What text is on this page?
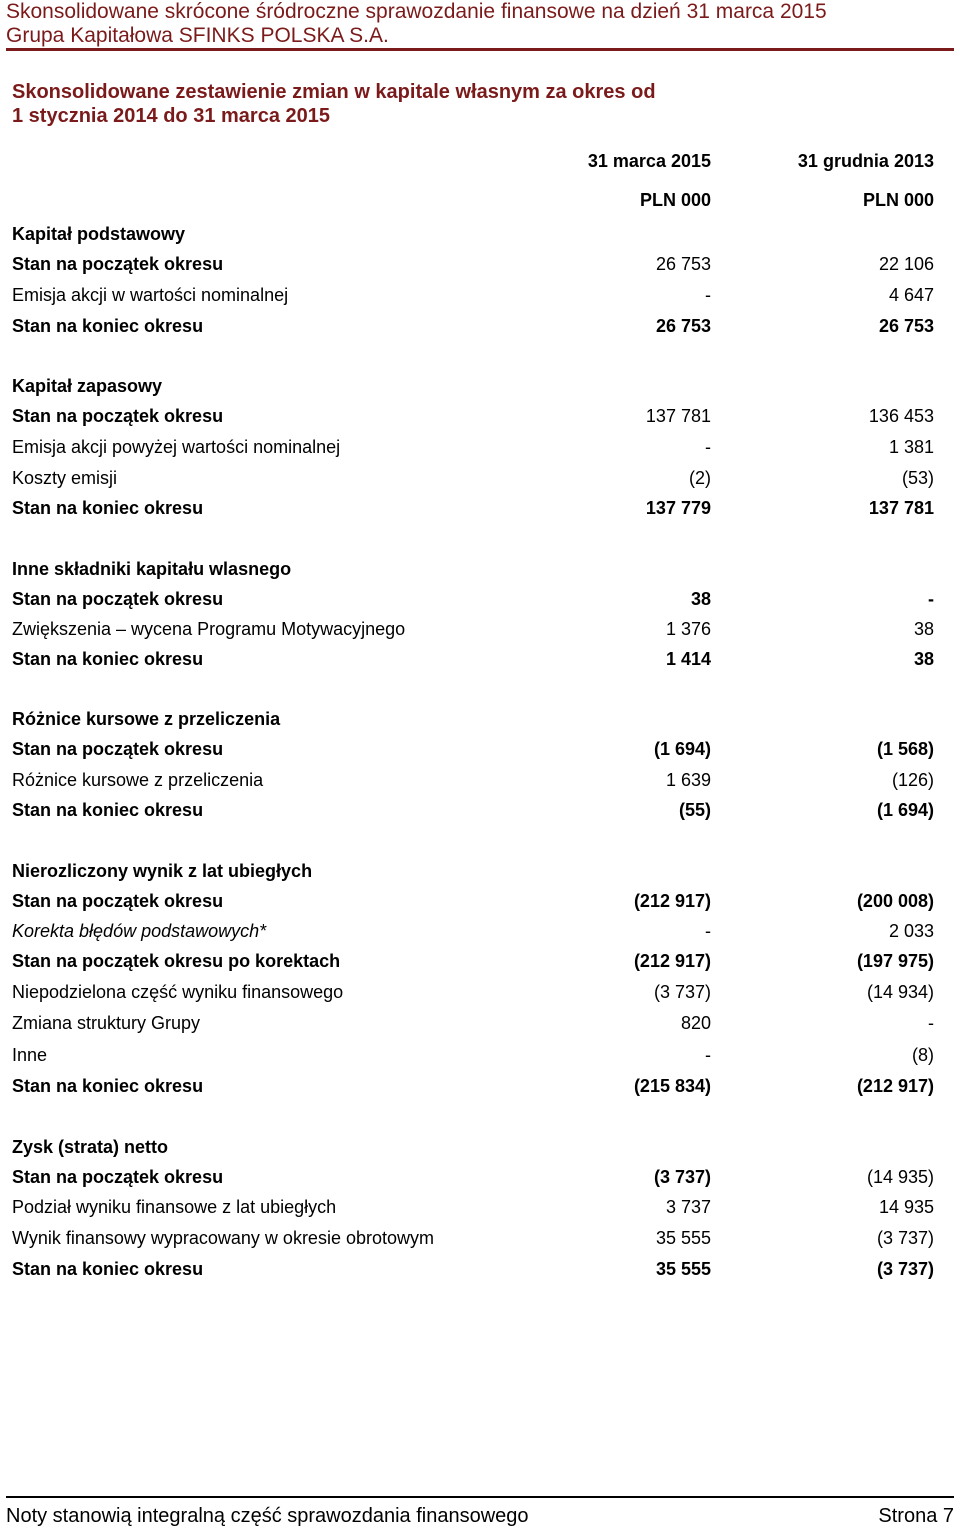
Skonsolidowane skrócone śródroczne sprawozdanie finansowe na dzień 31 marca 2015
Grupa Kapitałowa SFINKS POLSKA S.A.
Skonsolidowane zestawienie zmian w kapitale własnym za okres od
1 stycznia 2014 do 31 marca 2015
31 marca 2015	31 grudnia 2013
PLN 000	PLN 000
Kapitał podstawowy
Stan na początek okresu	26 753	22 106
Emisja akcji w wartości nominalnej	-	4 647
Stan na koniec okresu	26 753	26 753
Kapitał zapasowy
Stan na początek okresu	137 781	136 453
Emisja akcji powyżej wartości nominalnej	-	1 381
Koszty emisji	(2)	(53)
Stan na koniec okresu	137 779	137 781
Inne składniki kapitału wlasnego
Stan na początek okresu	38	-
Zwiększenia – wycena Programu Motywacyjnego	1 376	38
Stan na koniec okresu	1 414	38
Różnice kursowe z przeliczenia
Stan na początek okresu	(1 694)	(1 568)
Różnice kursowe z przeliczenia	1 639	(126)
Stan na koniec okresu	(55)	(1 694)
Nierozliczony wynik z lat ubiegłych
Stan na początek okresu	(212 917)	(200 008)
Korekta błędów podstawowych*	-	2 033
Stan na początek okresu po korektach	(212 917)	(197 975)
Niepodzielona część wyniku finansowego	(3 737)	(14 934)
Zmiana struktury Grupy	820	-
Inne	-	(8)
Stan na koniec okresu	(215 834)	(212 917)
Zysk (strata) netto
Stan na początek okresu	(3 737)	(14 935)
Podział wyniku finansowe z lat ubiegłych	3 737	14 935
Wynik finansowy wypracowany w okresie obrotowym	35 555	(3 737)
Stan na koniec okresu	35 555	(3 737)
Noty stanowią integralną część sprawozdania finansowego	Strona 7
